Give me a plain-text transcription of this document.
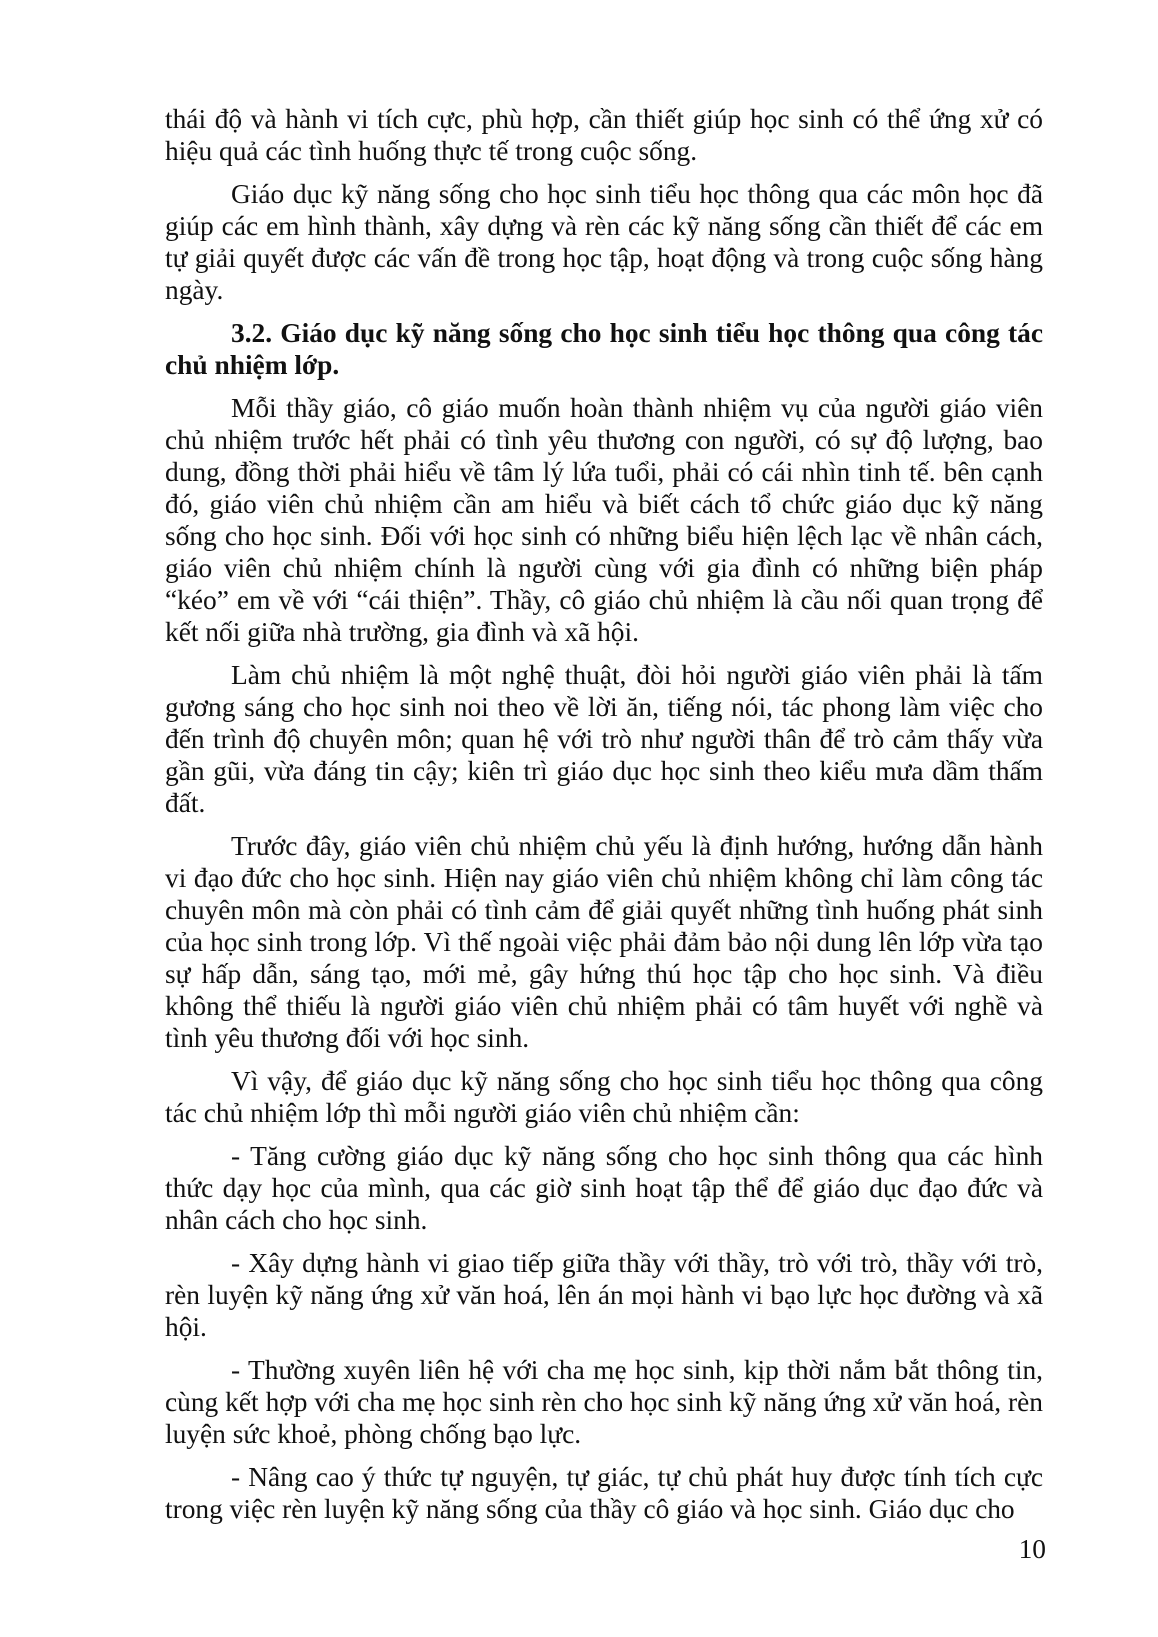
thái độ và hành vi tích cực, phù hợp, cần thiết giúp học sinh có thể ứng xử có hiệu quả các tình huống thực tế trong cuộc sống.

Giáo dục kỹ năng sống cho học sinh tiểu học thông qua các môn học đã giúp các em hình thành, xây dựng và rèn các kỹ năng sống cần thiết để các em tự giải quyết được các vấn đề trong học tập, hoạt động và trong cuộc sống hàng ngày.

3.2. Giáo dục kỹ năng sống cho học sinh tiểu học thông qua công tác chủ nhiệm lớp.

Mỗi thầy giáo, cô giáo muốn hoàn thành nhiệm vụ của người giáo viên chủ nhiệm trước hết phải có tình yêu thương con người, có sự độ lượng, bao dung, đồng thời phải hiểu về tâm lý lứa tuổi, phải có cái nhìn tinh tế. bên cạnh đó, giáo viên chủ nhiệm cần am hiểu và biết cách tổ chức giáo dục kỹ năng sống cho học sinh. Đối với học sinh có những biểu hiện lệch lạc về nhân cách, giáo viên chủ nhiệm chính là người cùng với gia đình có những biện pháp “kéo” em về với “cái thiện”. Thầy, cô giáo chủ nhiệm là cầu nối quan trọng để kết nối giữa nhà trường, gia đình và xã hội.

Làm chủ nhiệm là một nghệ thuật, đòi hỏi người giáo viên phải là tấm gương sáng cho học sinh noi theo về lời ăn, tiếng nói, tác phong làm việc cho đến trình độ chuyên môn; quan hệ với trò như người thân để trò cảm thấy vừa gần gũi, vừa đáng tin cậy; kiên trì giáo dục học sinh theo kiểu mưa dầm thấm đất.

Trước đây, giáo viên chủ nhiệm chủ yếu là định hướng, hướng dẫn hành vi đạo đức cho học sinh. Hiện nay giáo viên chủ nhiệm không chỉ làm công tác chuyên môn mà còn phải có tình cảm để giải quyết những tình huống phát sinh của học sinh trong lớp. Vì thế ngoài việc phải đảm bảo nội dung lên lớp vừa tạo sự hấp dẫn, sáng tạo, mới mẻ, gây hứng thú học tập cho học sinh. Và điều không thể thiếu là người giáo viên chủ nhiệm phải có tâm huyết với nghề và tình yêu thương đối với học sinh.

Vì vậy, để giáo dục kỹ năng sống cho học sinh tiểu học thông qua công tác chủ nhiệm lớp thì mỗi người giáo viên chủ nhiệm cần:

- Tăng cường giáo dục kỹ năng sống cho học sinh thông qua các hình thức dạy học của mình, qua các giờ sinh hoạt tập thể để giáo dục đạo đức và nhân cách cho học sinh.

- Xây dựng hành vi giao tiếp giữa thầy với thầy, trò với trò, thầy với trò, rèn luyện kỹ năng ứng xử văn hoá, lên án mọi hành vi bạo lực học đường và xã hội.

- Thường xuyên liên hệ với cha mẹ học sinh, kịp thời nắm bắt thông tin, cùng kết hợp với cha mẹ học sinh rèn cho học sinh kỹ năng ứng xử văn hoá, rèn luyện sức khoẻ, phòng chống bạo lực.

- Nâng cao ý thức tự nguyện, tự giác, tự chủ phát huy được tính tích cực trong việc rèn luyện kỹ năng sống của thầy cô giáo và học sinh. Giáo dục cho

10
